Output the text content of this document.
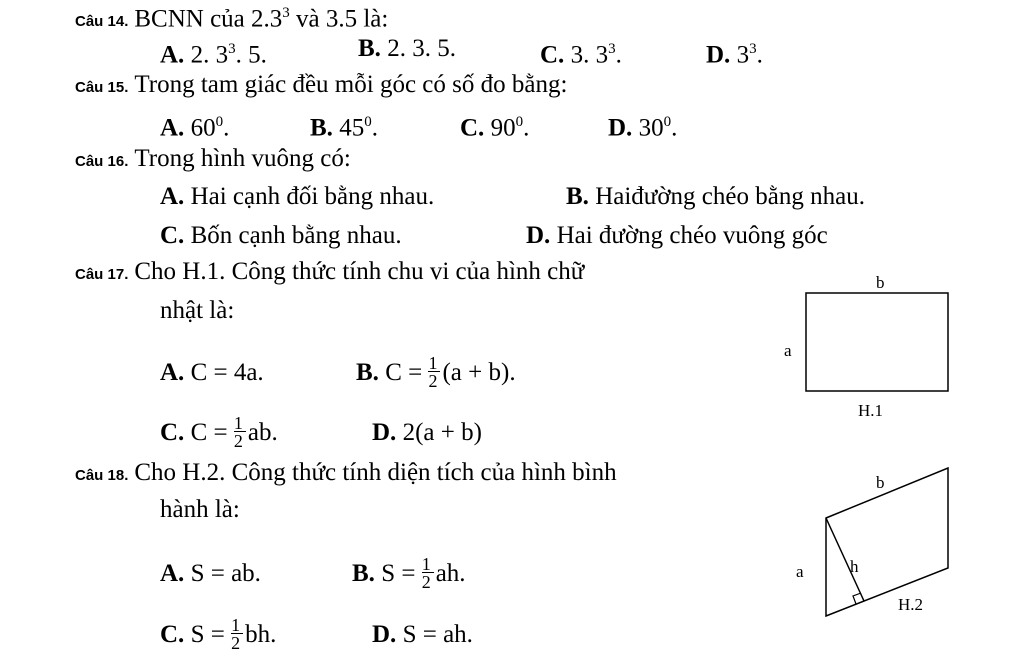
Câu 14. BCNN của $2.3^3$ và 3.5 là:
A. 2. $3^3$. 5.	B. 2. 3. 5.	C. 3. $3^3$.	D. $3^3$.
Câu 15. Trong tam giác đều mỗi góc có số đo bằng:
A. $60^0$.	B. $45^0$.	C. $90^0$.	D. $30^0$.
Câu 16. Trong hình vuông có:
A. Hai cạnh đối bằng nhau.	B. Haiđường chéo bằng nhau.
C. Bốn cạnh bằng nhau.	D. Hai đường chéo vuông góc
Câu 17. Cho H.1. Công thức tính chu vi của hình chữ
nhật là:
A. C = 4a.	B. C =
$\frac{1}{2}$
(a + b).
C. C =
$\frac{1}{2}$
ab.	D. 2(a + b)
b
a
H.1
Câu 18. Cho H.2. Công thức tính diện tích của hình bình
hành là:
A. S = ab.	B. S =
$\frac{1}{2}$
ah.
C. S =
$\frac{1}{2}$
bh.	D. S = ah.
b
a	h
H.2
